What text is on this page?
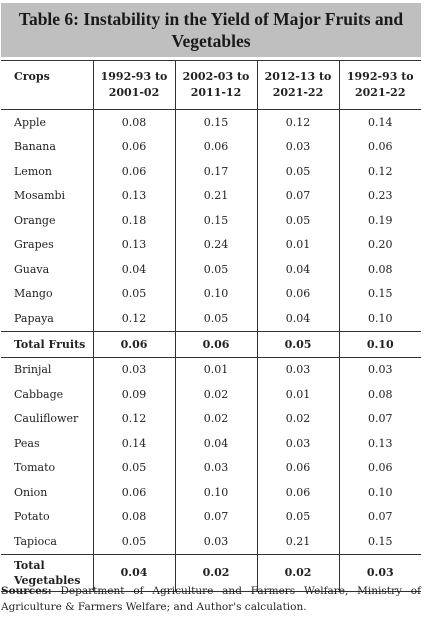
Table 6: Instability in the Yield of Major Fruits and Vegetables
Crops	1992-93 to 2001-02	2002-03 to 2011-12	2012-13 to 2021-22	1992-93 to 2021-22
Apple	0.08	0.15	0.12	0.14
Banana	0.06	0.06	0.03	0.06
Lemon	0.06	0.17	0.05	0.12
Mosambi	0.13	0.21	0.07	0.23
Orange	0.18	0.15	0.05	0.19
Grapes	0.13	0.24	0.01	0.20
Guava	0.04	0.05	0.04	0.08
Mango	0.05	0.10	0.06	0.15
Papaya	0.12	0.05	0.04	0.10
Total Fruits	0.06	0.06	0.05	0.10
Brinjal	0.03	0.01	0.03	0.03
Cabbage	0.09	0.02	0.01	0.08
Cauliflower	0.12	0.02	0.02	0.07
Peas	0.14	0.04	0.03	0.13
Tomato	0.05	0.03	0.06	0.06
Onion	0.06	0.10	0.06	0.10
Potato	0.08	0.07	0.05	0.07
Tapioca	0.05	0.03	0.21	0.15
Total Vegetables	0.04	0.02	0.02	0.03
Sources: Department of Agriculture and Farmers Welfare, Ministry of Agriculture & Farmers Welfare; and Author's calculation.
